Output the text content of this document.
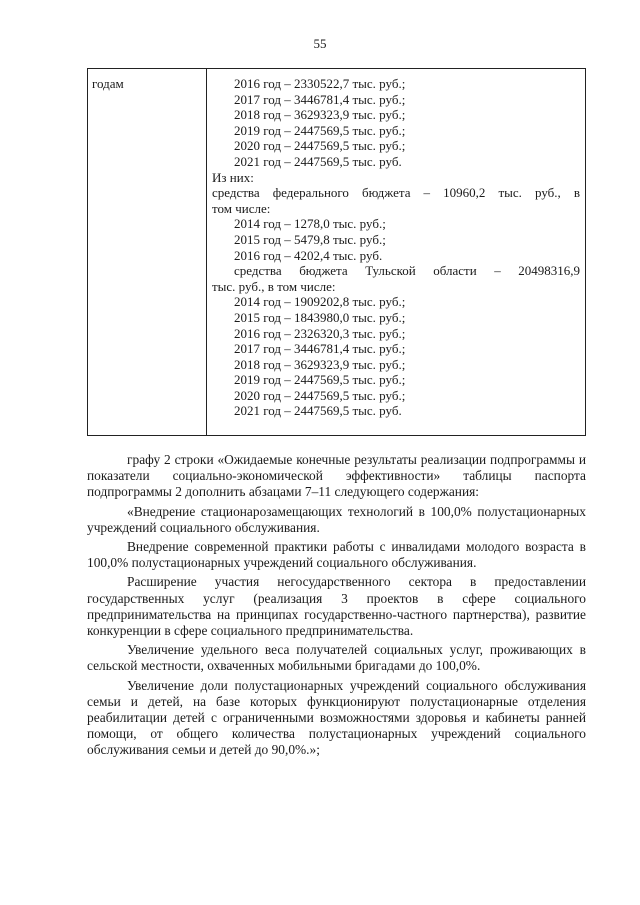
55
годам	2016 год – 2330522,7 тыс. руб.;
2017 год – 3446781,4 тыс. руб.;
2018 год – 3629323,9 тыс. руб.;
2019 год – 2447569,5 тыс. руб.;
2020 год – 2447569,5 тыс. руб.;
2021 год – 2447569,5 тыс. руб.
Из них:
средства федерального бюджета – 10960,2 тыс. руб., в
том числе:
2014 год – 1278,0 тыс. руб.;
2015 год – 5479,8 тыс. руб.;
2016 год – 4202,4 тыс. руб.
средства бюджета Тульской области – 20498316,9
тыс. руб., в том числе:
2014 год – 1909202,8 тыс. руб.;
2015 год – 1843980,0 тыс. руб.;
2016 год – 2326320,3 тыс. руб.;
2017 год – 3446781,4 тыс. руб.;
2018 год – 3629323,9 тыс. руб.;
2019 год – 2447569,5 тыс. руб.;
2020 год – 2447569,5 тыс. руб.;
2021 год – 2447569,5 тыс. руб.

графу 2 строки «Ожидаемые конечные результаты реализации подпрограммы и показатели социально-экономической эффективности» таблицы паспорта подпрограммы 2 дополнить абзацами 7–11 следующего содержания:

«Внедрение стационарозамещающих технологий в 100,0% полустационарных учреждений социального обслуживания.

Внедрение современной практики работы с инвалидами молодого возраста в 100,0% полустационарных учреждений социального обслуживания.

Расширение участия негосударственного сектора в предоставлении государственных услуг (реализация 3 проектов в сфере социального предпринимательства на принципах государственно-частного партнерства), развитие конкуренции в сфере социального предпринимательства.

Увеличение удельного веса получателей социальных услуг, проживающих в сельской местности, охваченных мобильными бригадами до 100,0%.

Увеличение доли полустационарных учреждений социального обслуживания семьи и детей, на базе которых функционируют полустационарные отделения реабилитации детей с ограниченными возможностями здоровья и кабинеты ранней помощи, от общего количества полустационарных учреждений социального обслуживания семьи и детей до 90,0%.»;
